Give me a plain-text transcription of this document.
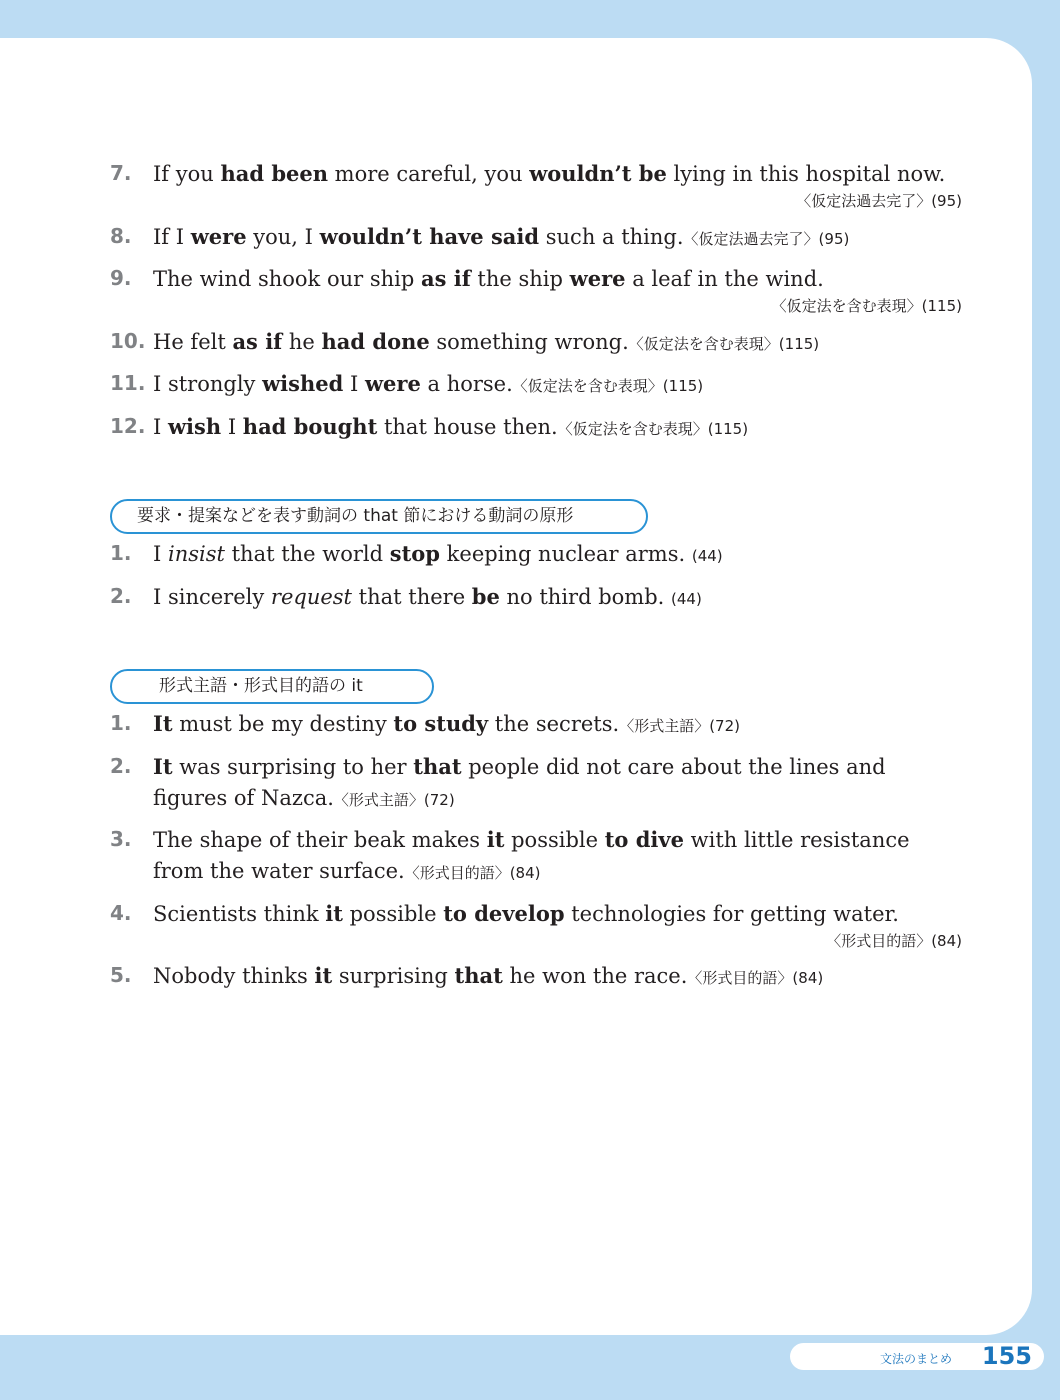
7. If you had been more careful, you wouldn’t be lying in this hospital now.
〈仮定法過去完了〉(95)
8. If I were you, I wouldn’t have said such a thing.〈仮定法過去完了〉(95)
9. The wind shook our ship as if the ship were a leaf in the wind.
〈仮定法を含む表現〉(115)
10. He felt as if he had done something wrong.〈仮定法を含む表現〉(115)
11. I strongly wished I were a horse.〈仮定法を含む表現〉(115)
12. I wish I had bought that house then.〈仮定法を含む表現〉(115)
要求・提案などを表す動詞の that 節における動詞の原形
1. I insist that the world stop keeping nuclear arms. (44)
2. I sincerely request that there be no third bomb. (44)
形式主語・形式目的語の it
1. It must be my destiny to study the secrets.〈形式主語〉(72)
2. It was surprising to her that people did not care about the lines and figures of Nazca.〈形式主語〉(72)
3. The shape of their beak makes it possible to dive with little resistance from the water surface.〈形式目的語〉(84)
4. Scientists think it possible to develop technologies for getting water.
〈形式目的語〉(84)
5. Nobody thinks it surprising that he won the race.〈形式目的語〉(84)
文法のまとめ 155
